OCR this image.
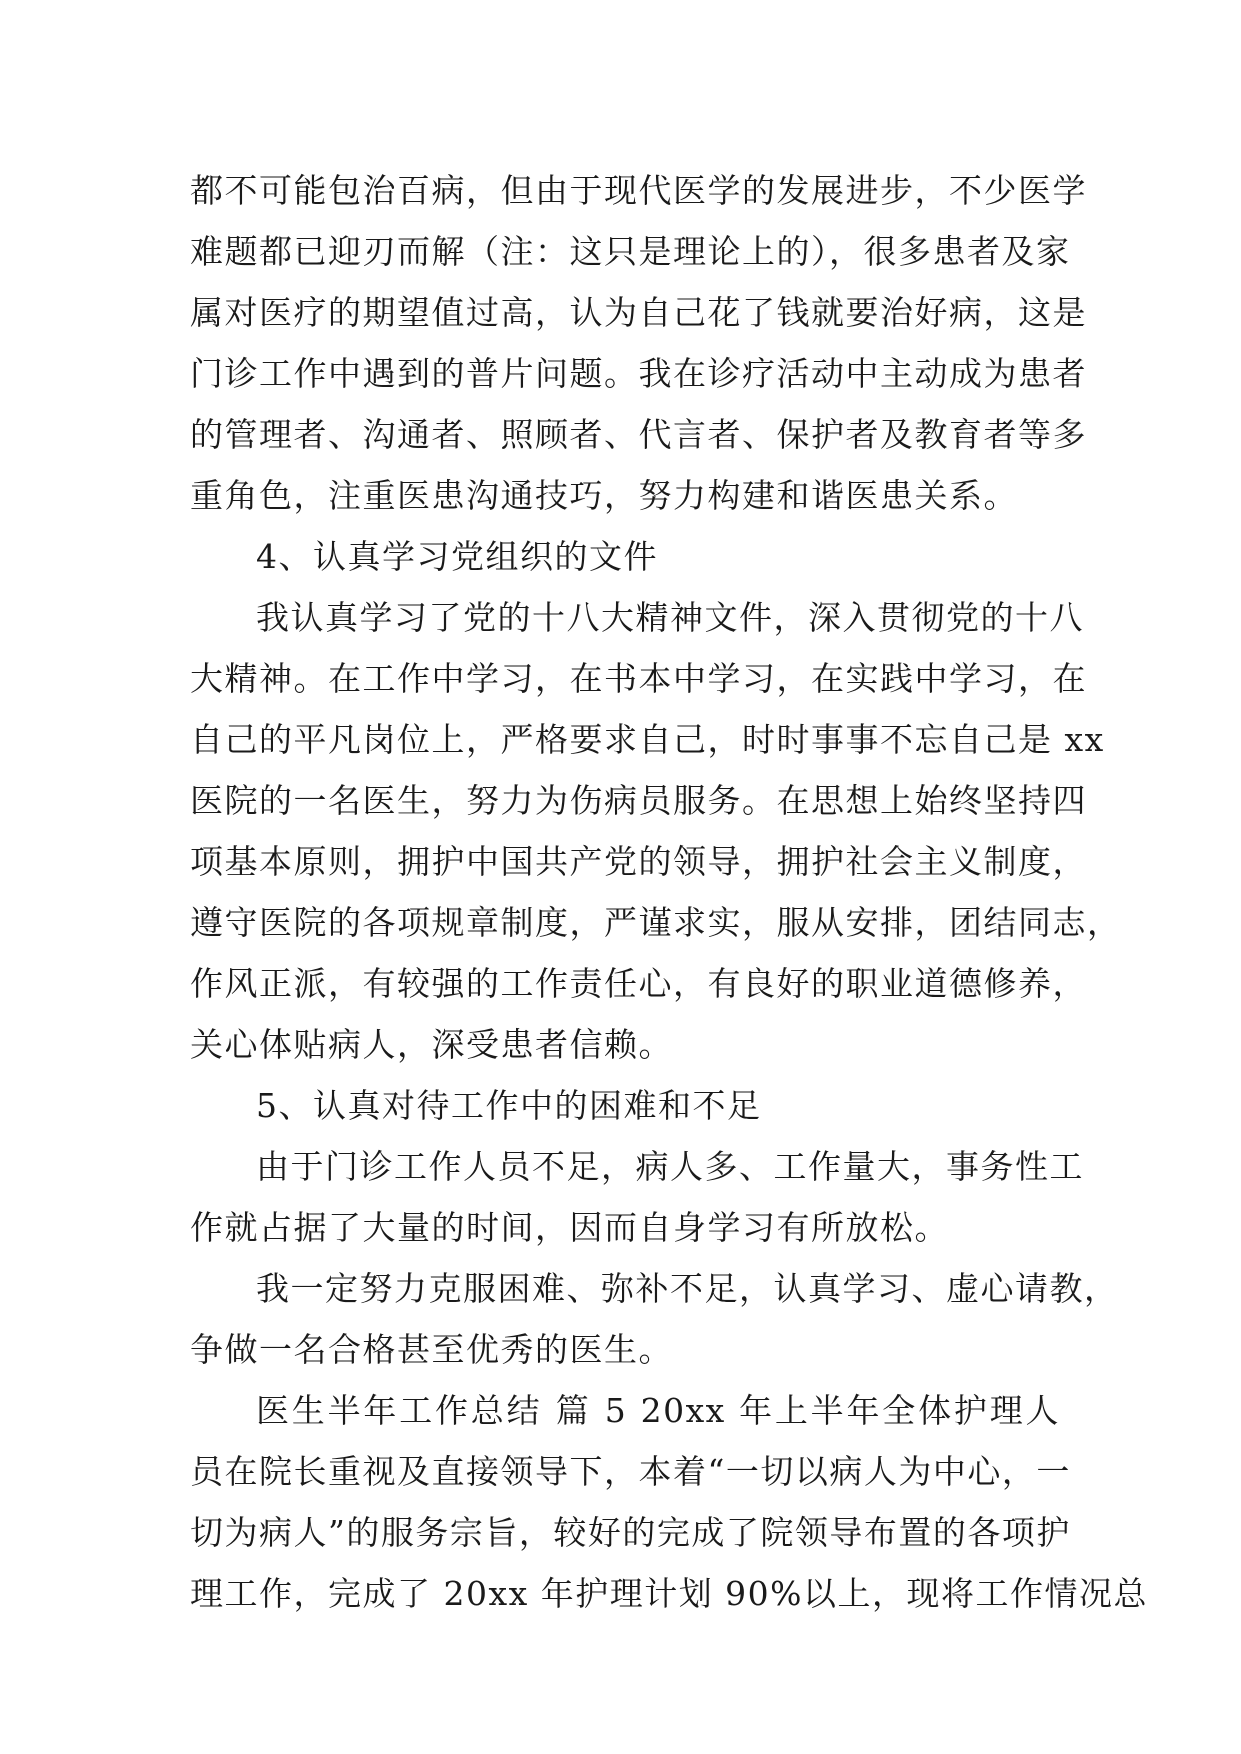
都不可能包治百病，但由于现代医学的发展进步，不少医学
难题都已迎刃而解（注：这只是理论上的），很多患者及家
属对医疗的期望值过高，认为自己花了钱就要治好病，这是
门诊工作中遇到的普片问题。我在诊疗活动中主动成为患者
的管理者、沟通者、照顾者、代言者、保护者及教育者等多
重角色，注重医患沟通技巧，努力构建和谐医患关系。
4、认真学习党组织的文件
我认真学习了党的十八大精神文件，深入贯彻党的十八
大精神。在工作中学习，在书本中学习，在实践中学习，在
自己的平凡岗位上，严格要求自己，时时事事不忘自己是 xx
医院的一名医生，努力为伤病员服务。在思想上始终坚持四
项基本原则，拥护中国共产党的领导，拥护社会主义制度，
遵守医院的各项规章制度，严谨求实，服从安排，团结同志，
作风正派，有较强的工作责任心，有良好的职业道德修养，
关心体贴病人，深受患者信赖。
5、认真对待工作中的困难和不足
由于门诊工作人员不足，病人多、工作量大，事务性工
作就占据了大量的时间，因而自身学习有所放松。
我一定努力克服困难、弥补不足，认真学习、虚心请教，
争做一名合格甚至优秀的医生。
医生半年工作总结 篇 5 20xx 年上半年全体护理人
员在院长重视及直接领导下，本着“一切以病人为中心，一
切为病人”的服务宗旨，较好的完成了院领导布置的各项护
理工作，完成了 20xx 年护理计划 90%以上，现将工作情况总
